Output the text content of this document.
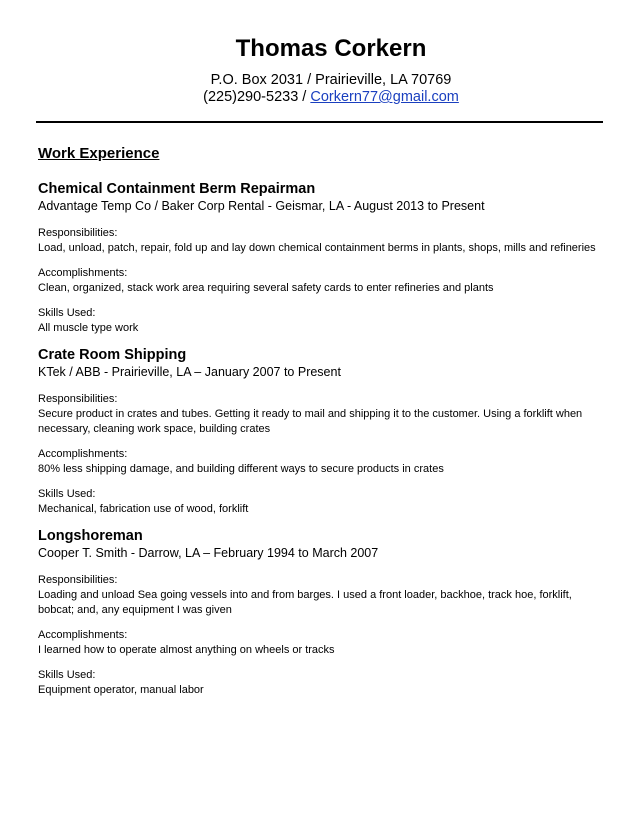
Thomas Corkern
P.O. Box 2031 / Prairieville, LA 70769
(225)290-5233 / Corkern77@gmail.com
Work Experience
Chemical Containment Berm Repairman
Advantage Temp Co / Baker Corp Rental - Geismar, LA - August 2013 to Present
Responsibilities:
Load, unload, patch, repair, fold up and lay down chemical containment berms in plants, shops, mills and refineries
Accomplishments:
Clean, organized, stack work area requiring several safety cards to enter refineries and plants
Skills Used:
All muscle type work
Crate Room Shipping
KTek / ABB - Prairieville, LA – January 2007 to Present
Responsibilities:
Secure product in crates and tubes. Getting it ready to mail and shipping it to the customer. Using a forklift when necessary, cleaning work space, building crates
Accomplishments:
80% less shipping damage, and building different ways to secure products in crates
Skills Used:
Mechanical, fabrication use of wood, forklift
Longshoreman
Cooper T. Smith - Darrow, LA – February 1994 to March 2007
Responsibilities:
Loading and unload Sea going vessels into and from barges. I used a front loader, backhoe, track hoe, forklift, bobcat; and, any equipment I was given
Accomplishments:
I learned how to operate almost anything on wheels or tracks
Skills Used:
Equipment operator, manual labor
